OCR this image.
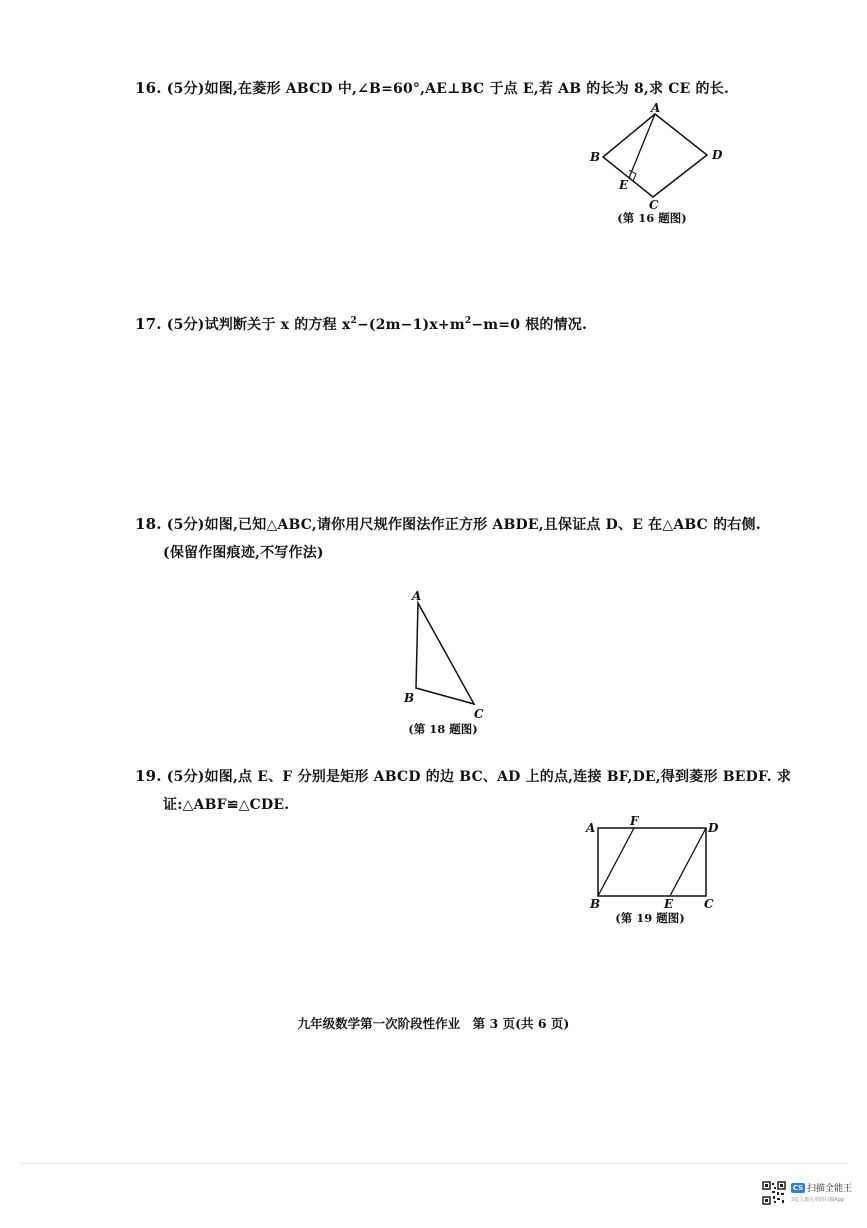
16. (5分)如图,在菱形 ABCD 中,∠B=60°,AE⊥BC 于点 E,若 AB 的长为 8,求 CE 的长.
A
B
C
D
E
(第 16 题图)
17. (5分)试判断关于 x 的方程 $x^2-(2m-1)x+m^2-m=0$ 根的情况.
18. (5分)如图,已知△ABC,请你用尺规作图法作正方形 ABDE,且保证点 D、E 在△ABC 的右侧.
(保留作图痕迹,不写作法)
A
B
C
(第 18 题图)
19. (5分)如图,点 E、F 分别是矩形 ABCD 的边 BC、AD 上的点,连接 BF,DE,得到菱形 BEDF. 求
证:△ABF≌△CDE.
A	F	D
B	E	C
(第 19 题图)
九年级数学第一次阶段性作业　第 3 页(共 6 页)
CS 扫描全能王
3亿人都在用的扫描App
